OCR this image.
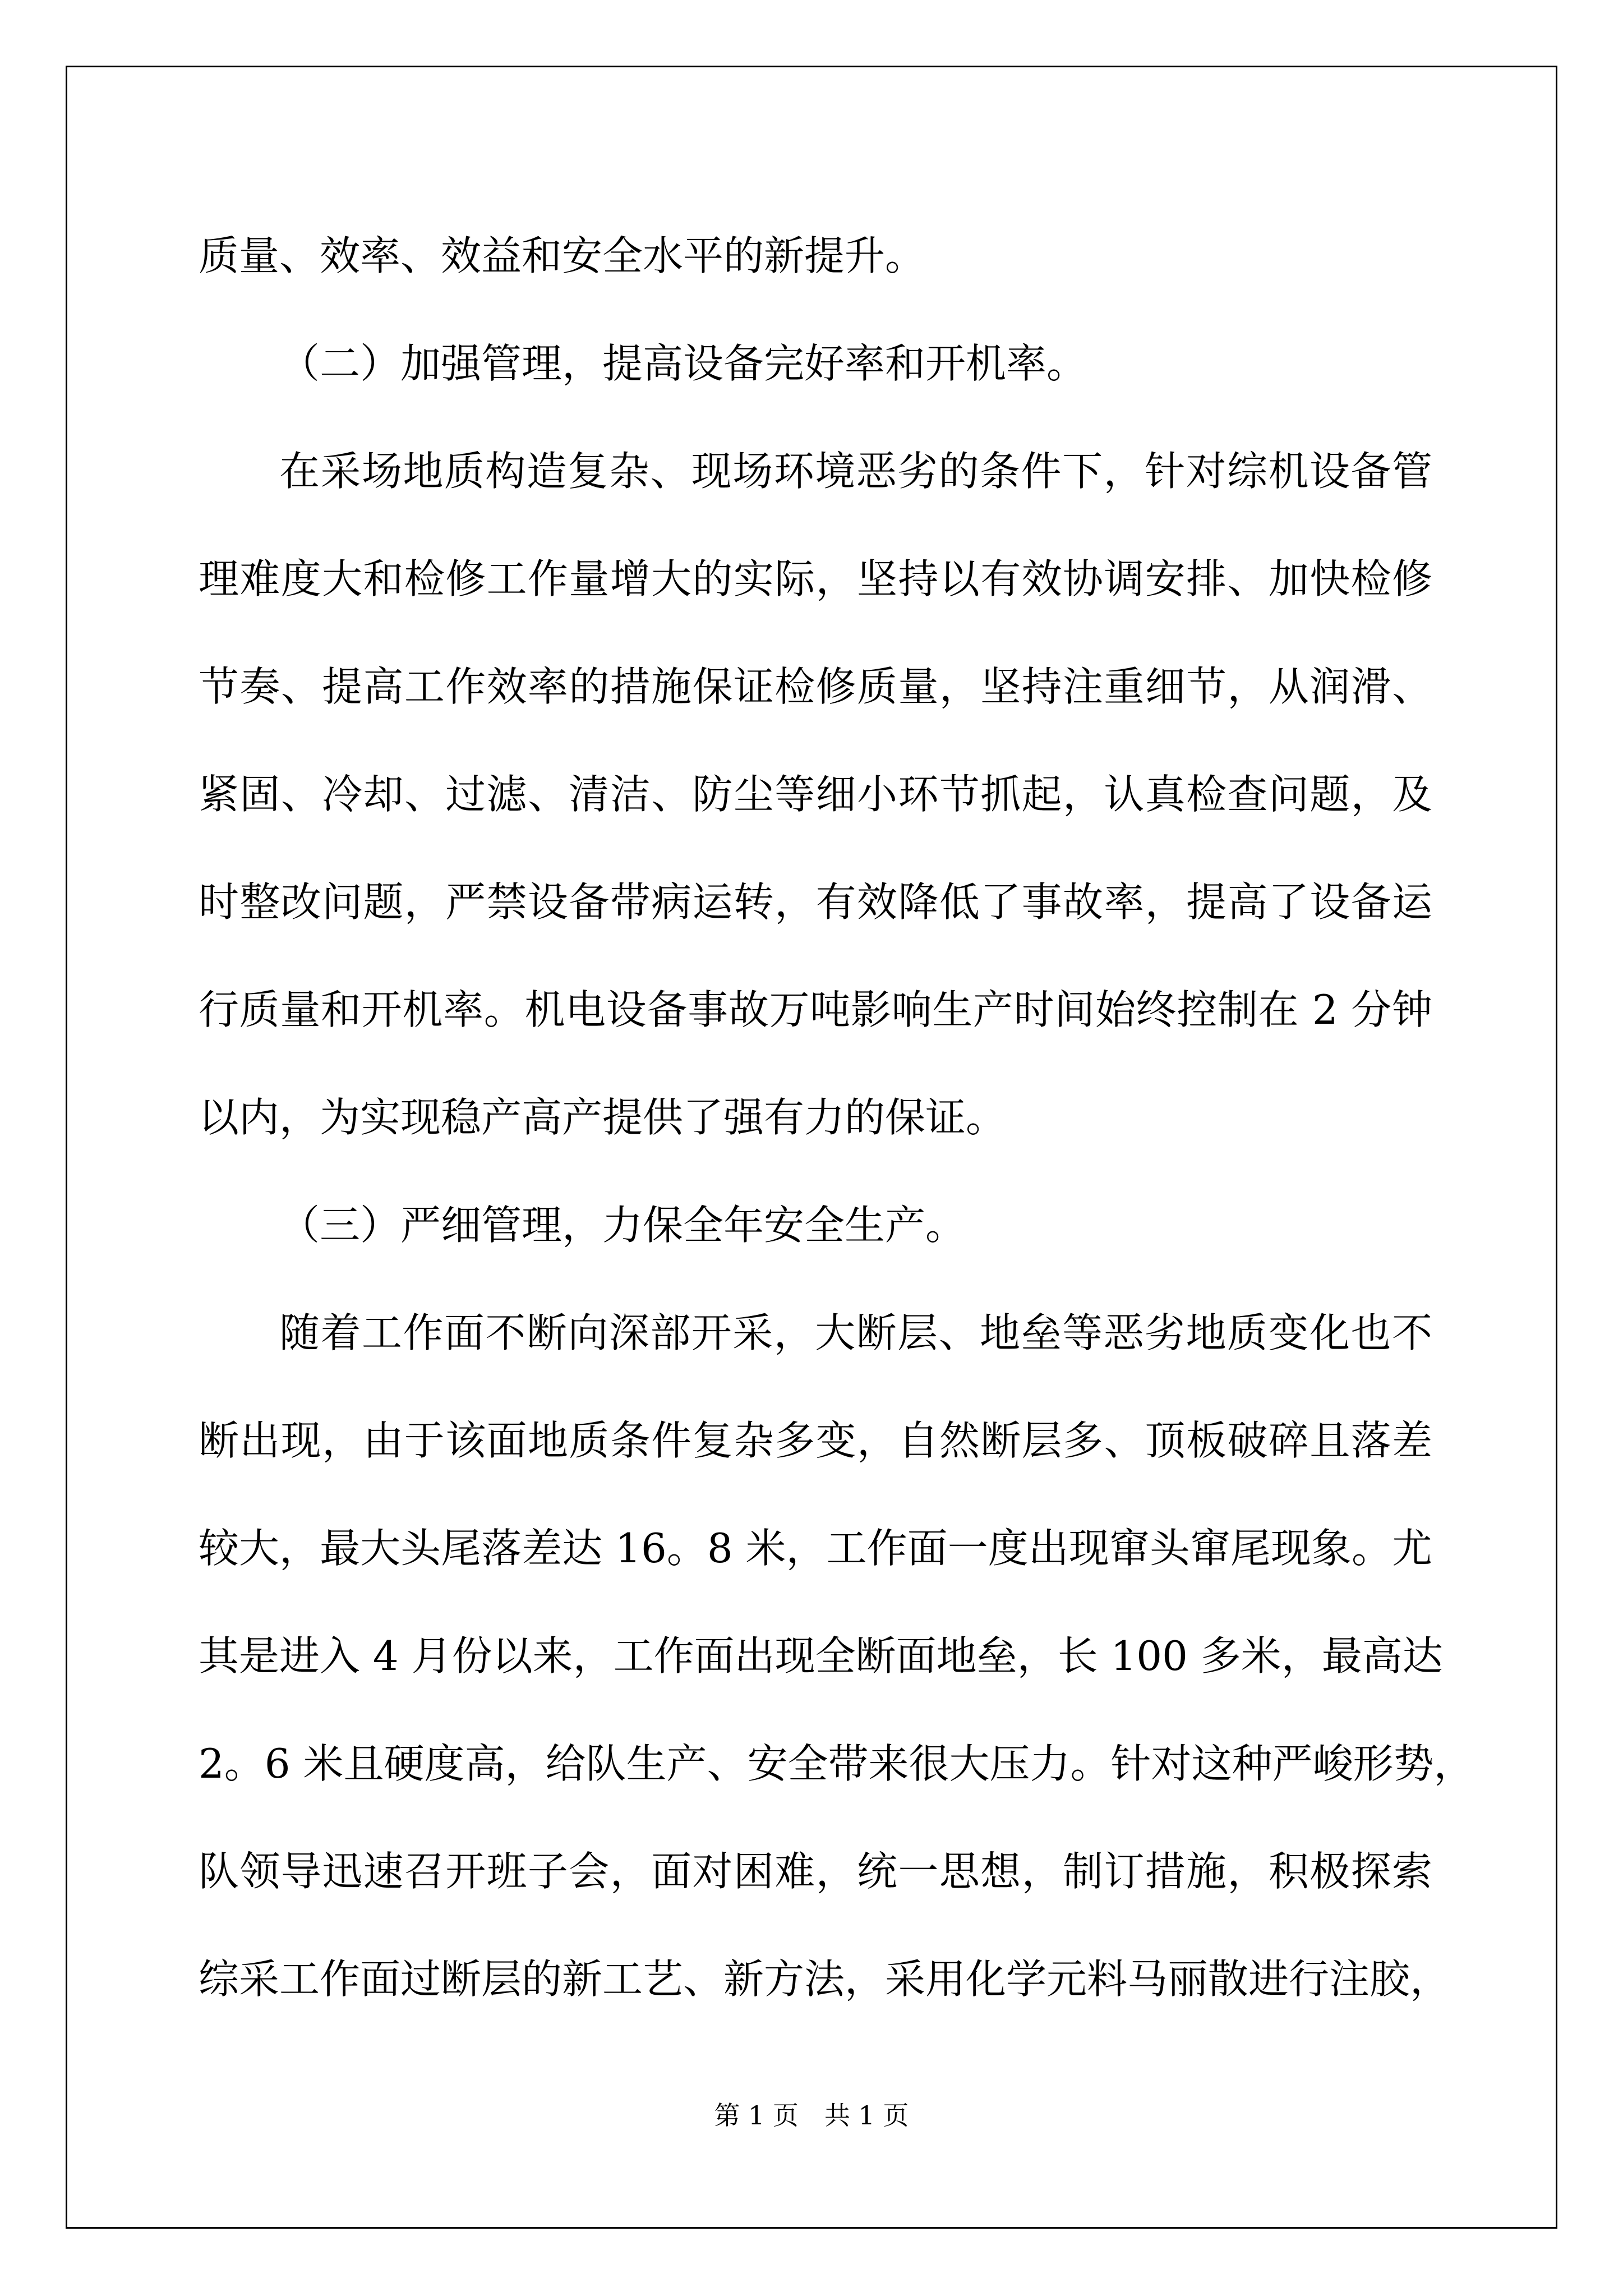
质量、效率、效益和安全水平的新提升。
（二）加强管理，提高设备完好率和开机率。
在采场地质构造复杂、现场环境恶劣的条件下，针对综机设备管
理难度大和检修工作量增大的实际，坚持以有效协调安排、加快检修
节奏、提高工作效率的措施保证检修质量，坚持注重细节，从润滑、
紧固、冷却、过滤、清洁、防尘等细小环节抓起，认真检查问题，及
时整改问题，严禁设备带病运转，有效降低了事故率，提高了设备运
行质量和开机率。机电设备事故万吨影响生产时间始终控制在 2 分钟
以内，为实现稳产高产提供了强有力的保证。
（三）严细管理，力保全年安全生产。
随着工作面不断向深部开采，大断层、地垒等恶劣地质变化也不
断出现，由于该面地质条件复杂多变，自然断层多、顶板破碎且落差
较大，最大头尾落差达 16。8 米，工作面一度出现窜头窜尾现象。尤
其是进入 4 月份以来，工作面出现全断面地垒，长 100 多米，最高达
2。6 米且硬度高，给队生产、安全带来很大压力。针对这种严峻形势，
队领导迅速召开班子会，面对困难，统一思想，制订措施，积极探索
综采工作面过断层的新工艺、新方法，采用化学元料马丽散进行注胶，
第 1 页　共 1 页
